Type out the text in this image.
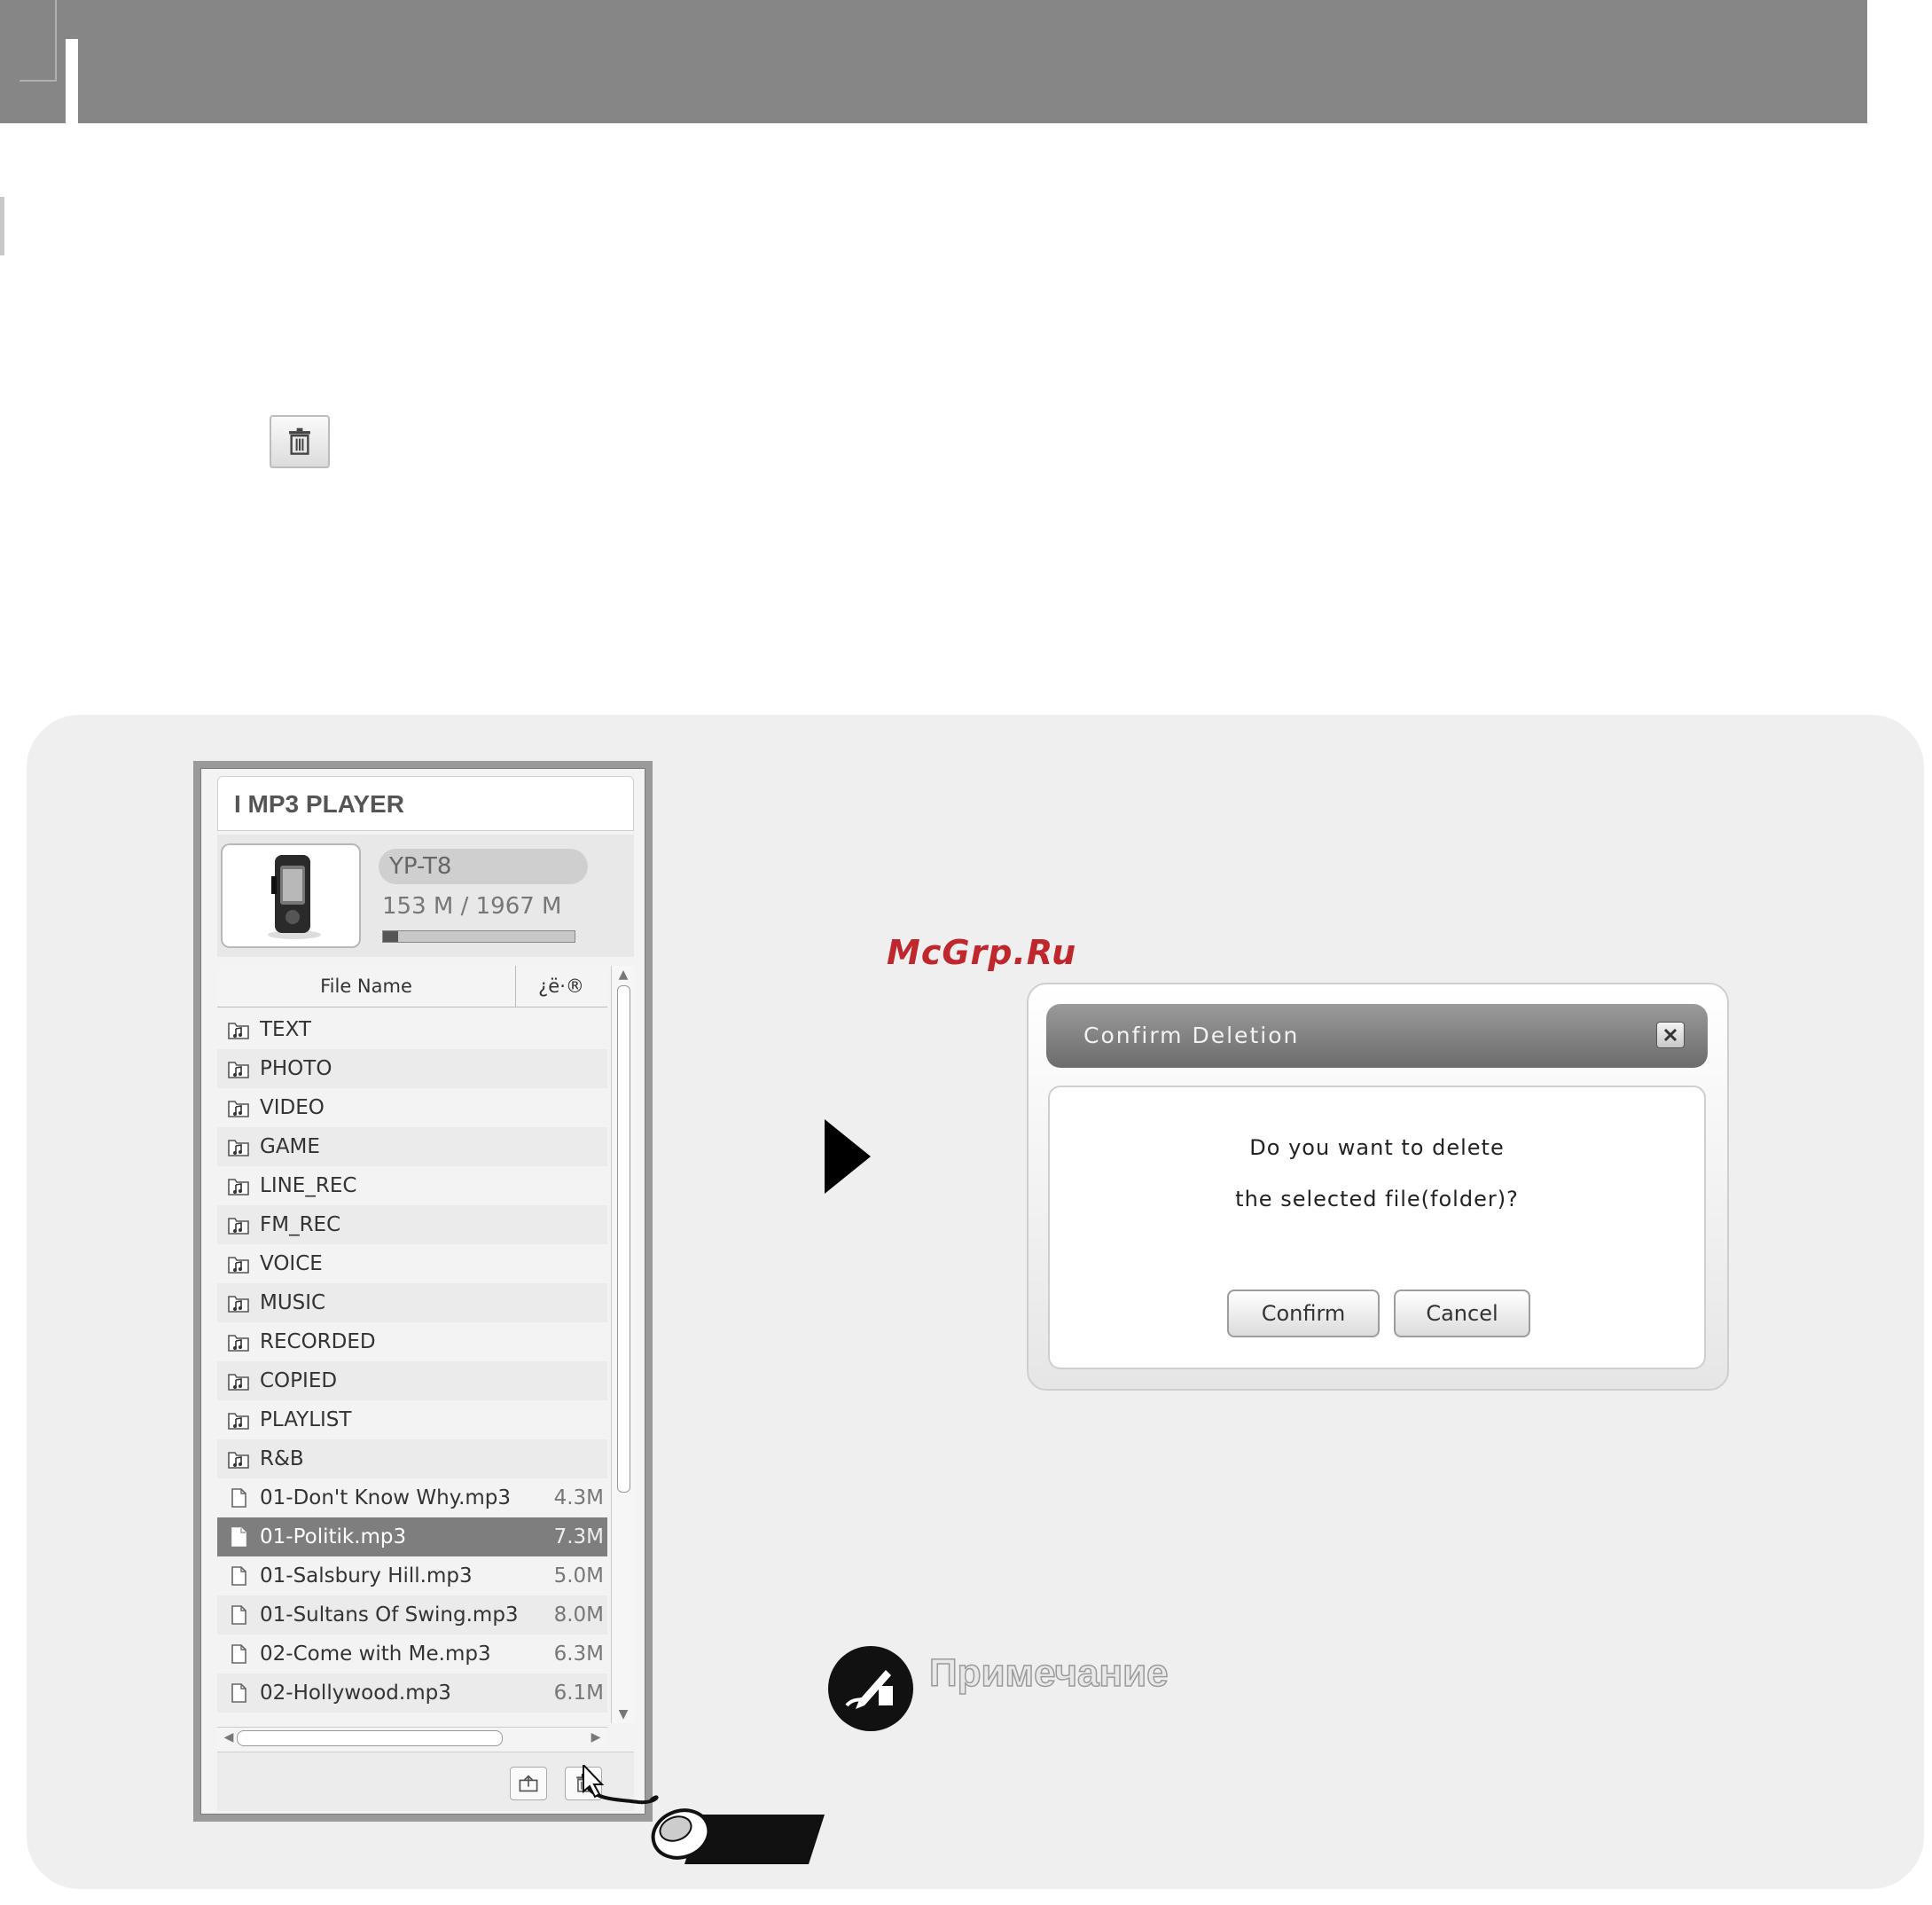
I MP3 PLAYER
YP-T8
153 M / 1967 M
File Name	¿ë·®
▲
▼
TEXT
PHOTO
VIDEO
GAME
LINE_REC
FM_REC
VOICE
MUSIC
RECORDED
COPIED
PLAYLIST
R&B
01-Don't Know Why.mp3	4.3M
01-Politik.mp3	7.3M
01-Salsbury Hill.mp3	5.0M
01-Sultans Of Swing.mp3	8.0M
02-Come with Me.mp3	6.3M
02-Hollywood.mp3	6.1M
◀	▶
McGrp.Ru
Confirm Deletion
Do you want to delete
the selected file(folder)?
Confirm	Cancel
Примечание
